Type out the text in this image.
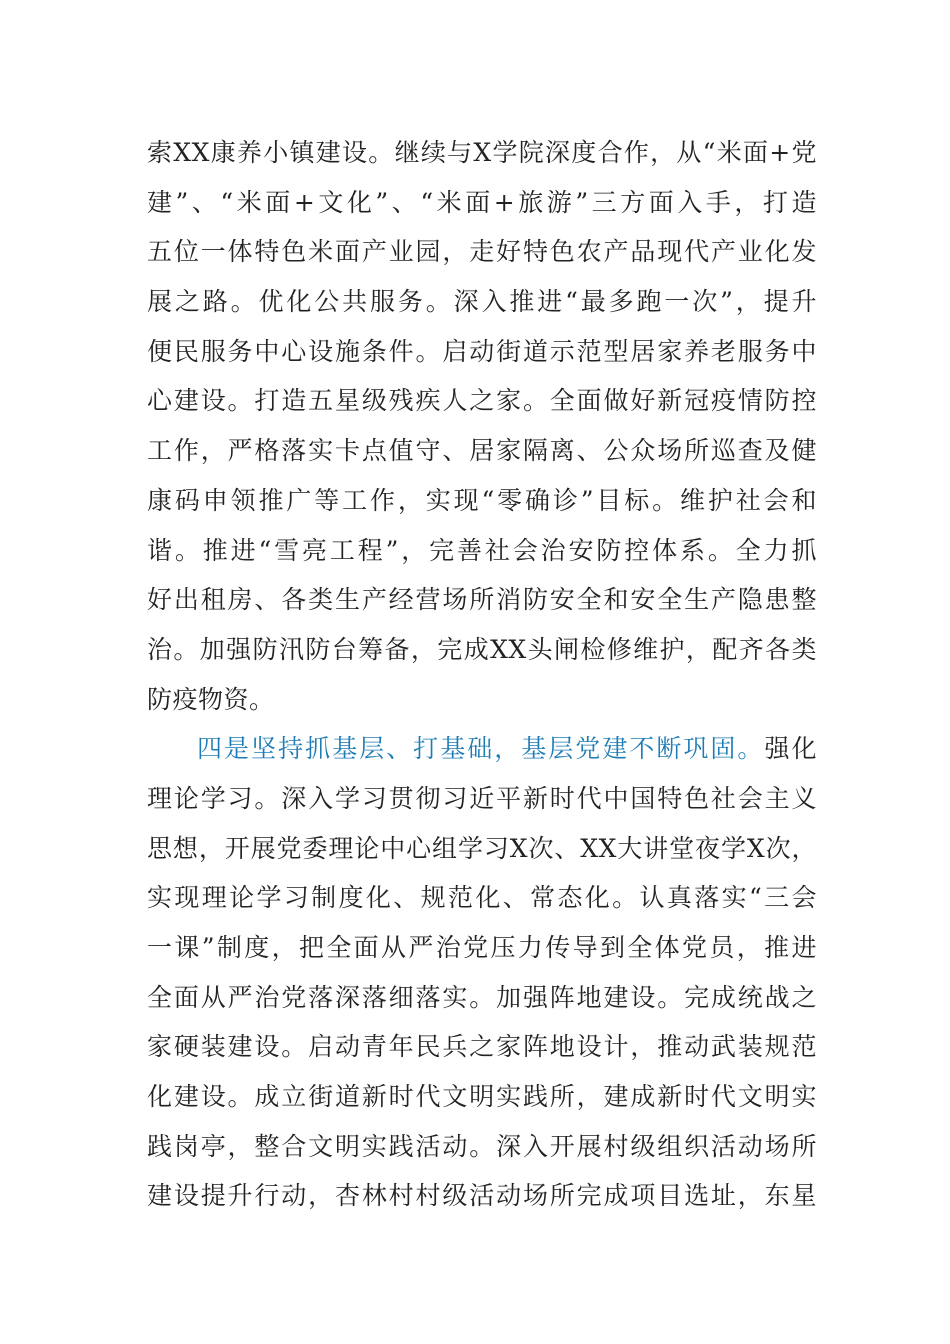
索XX康养小镇建设。继续与X学院深度合作，从“米面+党
建”、“米面+文化”、“米面+旅游”三方面入手，打造
五位一体特色米面产业园，走好特色农产品现代产业化发
展之路。优化公共服务。深入推进“最多跑一次”，提升
便民服务中心设施条件。启动街道示范型居家养老服务中
心建设。打造五星级残疾人之家。全面做好新冠疫情防控
工作，严格落实卡点值守、居家隔离、公众场所巡查及健
康码申领推广等工作，实现“零确诊”目标。维护社会和
谐。推进“雪亮工程”，完善社会治安防控体系。全力抓
好出租房、各类生产经营场所消防安全和安全生产隐患整
治。加强防汛防台筹备，完成XX头闸检修维护，配齐各类
防疫物资。
四是坚持抓基层、打基础，基层党建不断巩固。强化
理论学习。深入学习贯彻习近平新时代中国特色社会主义
思想，开展党委理论中心组学习X次、XX大讲堂夜学X次，
实现理论学习制度化、规范化、常态化。认真落实“三会
一课”制度，把全面从严治党压力传导到全体党员，推进
全面从严治党落深落细落实。加强阵地建设。完成统战之
家硬装建设。启动青年民兵之家阵地设计，推动武装规范
化建设。成立街道新时代文明实践所，建成新时代文明实
践岗亭，整合文明实践活动。深入开展村级组织活动场所
建设提升行动，杏林村村级活动场所完成项目选址，东星
